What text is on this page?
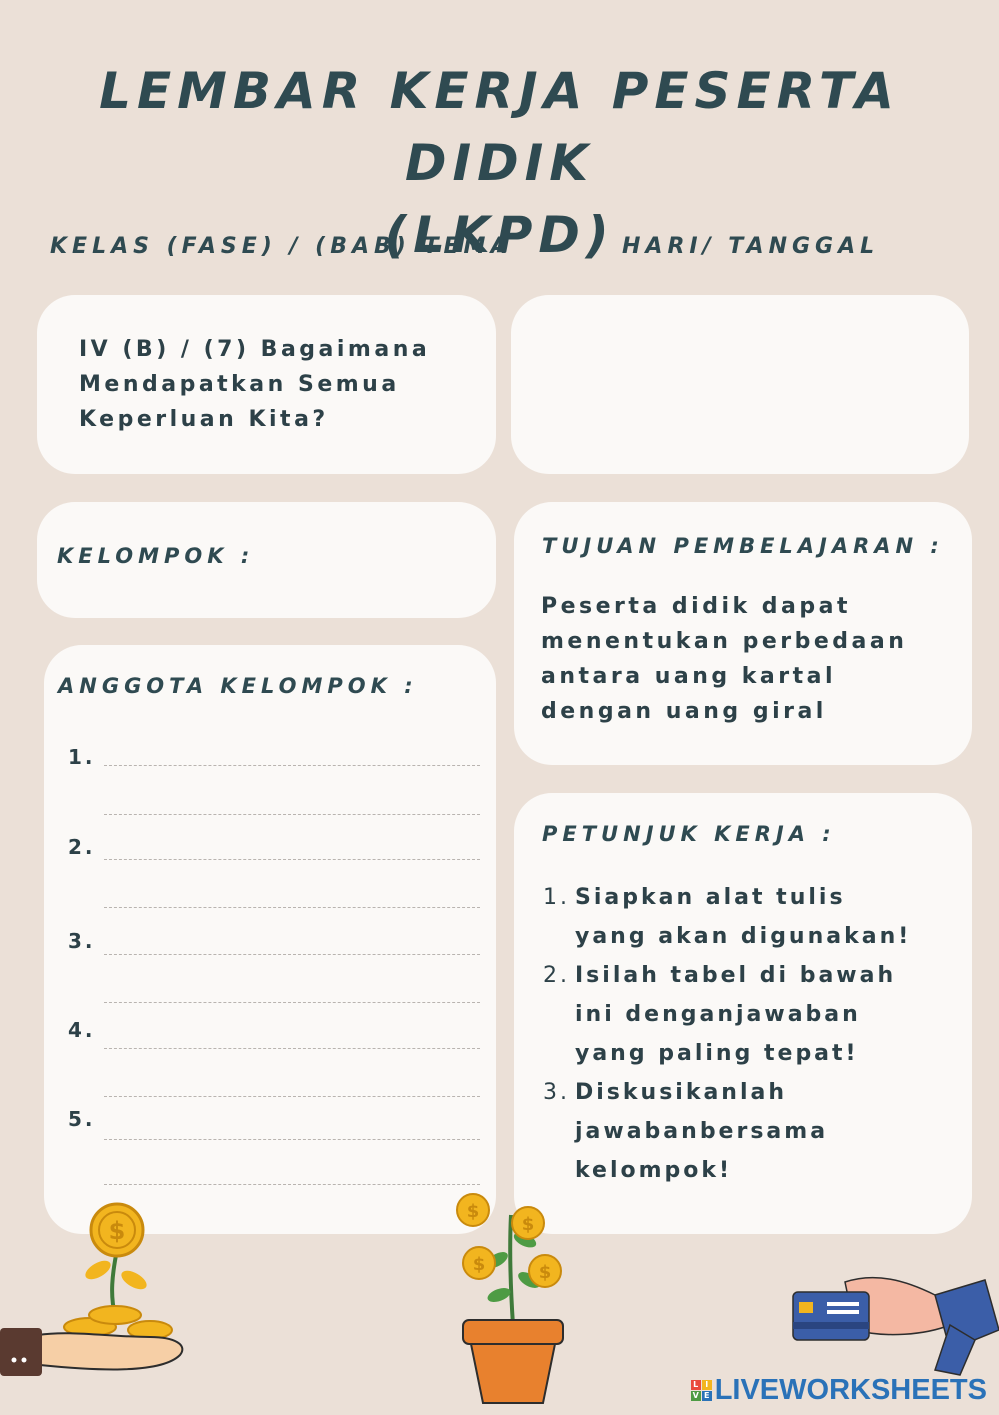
LEMBAR KERJA PESERTA DIDIK
(LKPD)
KELAS (FASE) / (BAB) TEMA	HARI/ TANGGAL
IV (B) / (7) Bagaimana
Mendapatkan Semua
Keperluan Kita?
KELOMPOK :	TUJUAN PEMBELAJARAN :
Peserta didik dapat
menentukan perbedaan
antara uang kartal
dengan uang giral
ANGGOTA KELOMPOK :
1.
2.
3.
4.
5.
PETUNJUK KERJA :
1. Siapkan alat tulis
yang akan digunakan!
2. Isilah tabel di bawah
ini denganjawaban
yang paling tepat!
3. Diskusikanlah
jawabanbersama
kelompok!
$
$
$
$	$
L I
V E LIVEWORKSHEETS
